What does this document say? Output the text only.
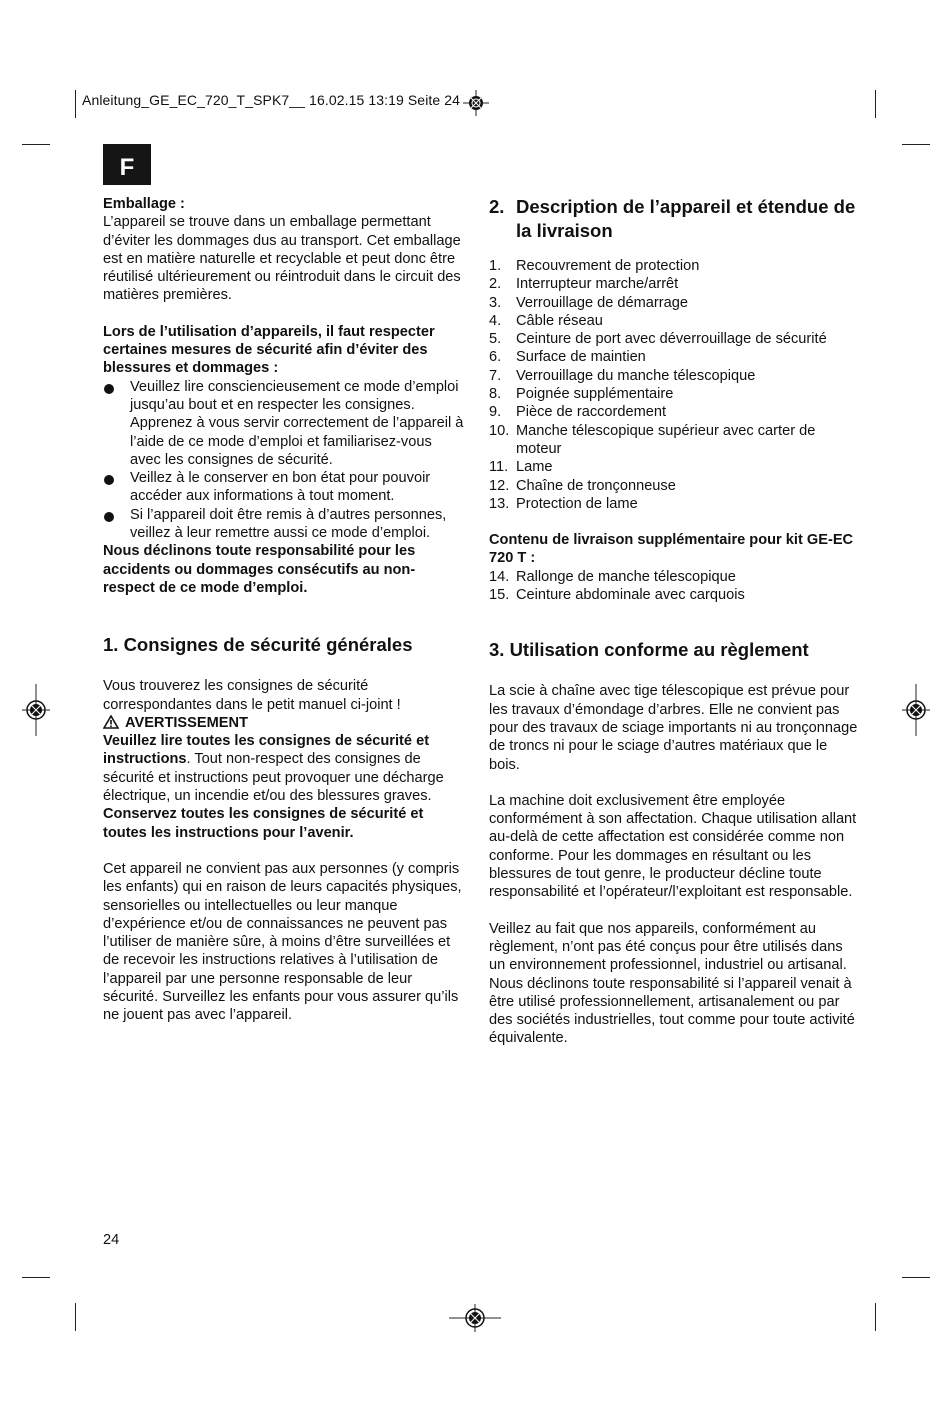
Anleitung_GE_EC_720_T_SPK7__ 16.02.15 13:19 Seite 24
F

Emballage :

L’appareil se trouve dans un emballage permettant d’éviter les dommages dus au transport. Cet emballage est en matière naturelle et recyclable et peut donc être réutilisé ultérieurement ou réintroduit dans le circuit des matières premières.

Lors de l’utilisation d’appareils, il faut respecter certaines mesures de sécurité afin d’éviter des blessures et dommages :

Veuillez lire consciencieusement ce mode d’emploi jusqu’au bout et en respecter les consignes. Apprenez à vous servir correctement de l’appareil à l’aide de ce mode d’emploi et familiarisez-vous avec les consignes de sécurité.
Veillez à le conserver en bon état pour pouvoir accéder aux informations à tout moment.
Si l’appareil doit être remis à d’autres personnes, veillez à leur remettre aussi ce mode d’emploi.

Nous déclinons toute responsabilité pour les accidents ou dommages consécutifs au non-respect de ce mode d’emploi.

1. Consignes de sécurité générales

Vous trouverez les consignes de sécurité correspondantes dans le petit manuel ci-joint !

AVERTISSEMENT

Veuillez lire toutes les consignes de sécurité et instructions. Tout non-respect des consignes de sécurité et instructions peut provoquer une décharge électrique, un incendie et/ou des blessures graves.

Conservez toutes les consignes de sécurité et toutes les instructions pour l’avenir.

Cet appareil ne convient pas aux personnes (y compris les enfants) qui en raison de leurs capacités physiques, sensorielles ou intellectuelles ou leur manque d’expérience et/ou de connaissances ne peuvent pas l’utiliser de manière sûre, à moins d’être surveillées et de recevoir les instructions relatives à l’utilisation de l’appareil par une personne responsable de leur sécurité. Surveillez les enfants pour vous assurer qu’ils ne jouent pas avec l’appareil.

2. Description de l’appareil et étendue de la livraison
1. Recouvrement de protection
2. Interrupteur marche/arrêt
3. Verrouillage de démarrage
4. Câble réseau
5. Ceinture de port avec déverrouillage de sécurité
6. Surface de maintien
7. Verrouillage du manche télescopique
8. Poignée supplémentaire
9. Pièce de raccordement
10. Manche télescopique supérieur avec carter de moteur
11. Lame
12. Chaîne de tronçonneuse
13. Protection de lame

Contenu de livraison supplémentaire pour kit GE-EC 720 T :

14. Rallonge de manche télescopique
15. Ceinture abdominale avec carquois
3. Utilisation conforme au règlement

La scie à chaîne avec tige télescopique est prévue pour les travaux d’émondage d’arbres. Elle ne convient pas pour des travaux de sciage importants ni au tronçonnage de troncs ni pour le sciage d’autres matériaux que le bois.

La machine doit exclusivement être employée conformément à son affectation. Chaque utilisation allant au-delà de cette affectation est considérée comme non conforme. Pour les dommages en résultant ou les blessures de tout genre, le producteur décline toute responsabilité et l’opérateur/l’exploitant est responsable.

Veillez au fait que nos appareils, conformément au règlement, n’ont pas été conçus pour être utilisés dans un environnement professionnel, industriel ou artisanal. Nous déclinons toute responsabilité si l’appareil venait à être utilisé professionnellement, artisanalement ou par des sociétés industrielles, tout comme pour toute activité équivalente.

24
